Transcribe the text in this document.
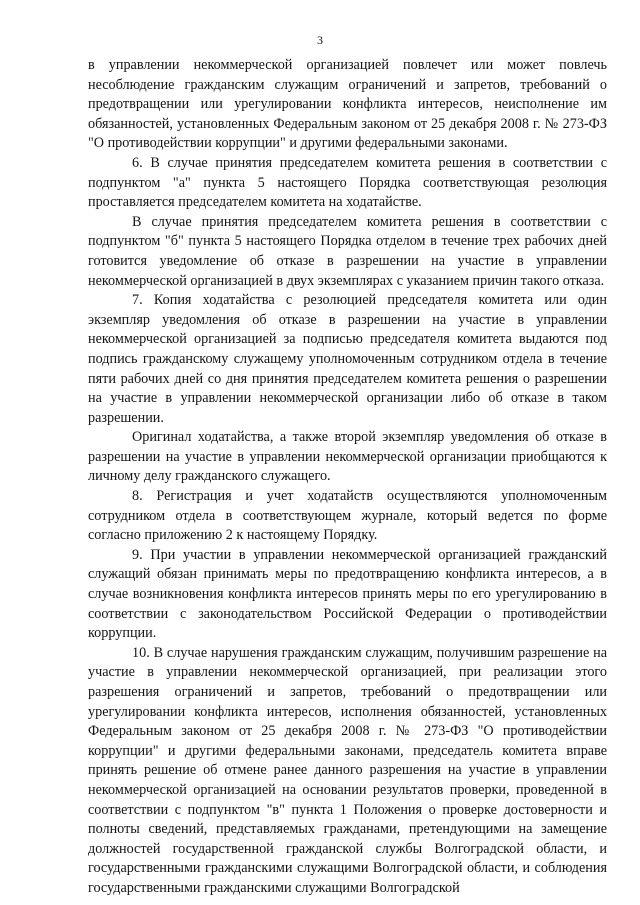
3

в управлении некоммерческой организацией повлечет или может повлечь несоблюдение гражданским служащим ограничений и запретов, требований о предотвращении или урегулировании конфликта интересов, неисполнение им обязанностей, установленных Федеральным законом от 25 декабря 2008 г. № 273-ФЗ "О противодействии коррупции" и другими федеральными законами.

6. В случае принятия председателем комитета решения в соответствии с подпунктом "а" пункта 5 настоящего Порядка соответствующая резолюция проставляется председателем комитета на ходатайстве.

В случае принятия председателем комитета решения в соответствии с подпунктом "б" пункта 5 настоящего Порядка отделом в течение трех рабочих дней готовится уведомление об отказе в разрешении на участие в управлении некоммерческой организацией в двух экземплярах с указанием причин такого отказа.

7. Копия ходатайства с резолюцией председателя комитета или один экземпляр уведомления об отказе в разрешении на участие в управлении некоммерческой организацией за подписью председателя комитета выдаются под подпись гражданскому служащему уполномоченным сотрудником отдела в течение пяти рабочих дней со дня принятия председателем комитета решения о разрешении на участие в управлении некоммерческой организации либо об отказе в таком разрешении.

Оригинал ходатайства, а также второй экземпляр уведомления об отказе в разрешении на участие в управлении некоммерческой организации приобщаются к личному делу гражданского служащего.

8. Регистрация и учет ходатайств осуществляются уполномоченным сотрудником отдела в соответствующем журнале, который ведется по форме согласно приложению 2 к настоящему Порядку.

9. При участии в управлении некоммерческой организацией гражданский служащий обязан принимать меры по предотвращению конфликта интересов, а в случае возникновения конфликта интересов принять меры по его урегулированию в соответствии с законодательством Российской Федерации о противодействии коррупции.

10. В случае нарушения гражданским служащим, получившим разрешение на участие в управлении некоммерческой организацией, при реализации этого разрешения ограничений и запретов, требований о предотвращении или урегулировании конфликта интересов, исполнения обязанностей, установленных Федеральным законом от 25 декабря 2008 г. № 273-ФЗ "О противодействии коррупции" и другими федеральными законами, председатель комитета вправе принять решение об отмене ранее данного разрешения на участие в управлении некоммерческой организацией на основании результатов проверки, проведенной в соответствии с подпунктом "в" пункта 1 Положения о проверке достоверности и полноты сведений, представляемых гражданами, претендующими на замещение должностей государственной гражданской службы Волгоградской области, и государственными гражданскими служащими Волгоградской области, и соблюдения государственными гражданскими служащими Волгоградской
